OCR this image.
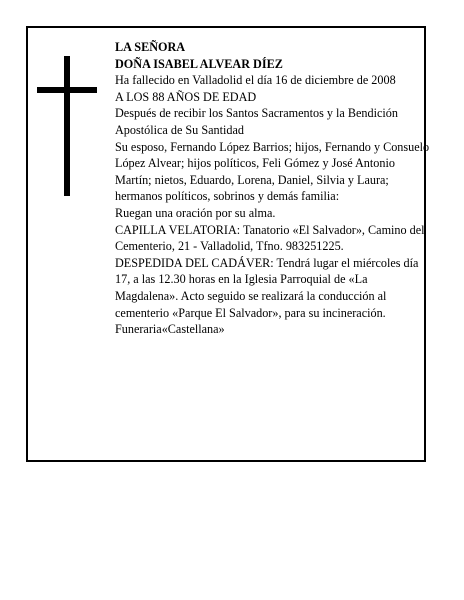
LA SEÑORA

DOÑA ISABEL ALVEAR DÍEZ

Ha fallecido en Valladolid el día 16 de diciembre de 2008

A LOS 88 AÑOS DE EDAD

Después de recibir los Santos Sacramentos y la Bendición Apostólica de Su Santidad

Su esposo, Fernando López Barrios; hijos, Fernando y Consuelo López Alvear; hijos políticos, Feli Gómez y José Antonio Martín; nietos, Eduardo, Lorena, Daniel, Silvia y Laura; hermanos políticos, sobrinos y demás familia:

Ruegan una oración por su alma.

CAPILLA VELATORIA: Tanatorio «El Salvador», Camino del Cementerio, 21 - Valladolid, Tfno. 983251225.

DESPEDIDA DEL CADÁVER: Tendrá lugar el miércoles día 17, a las 12.30 horas en la Iglesia Parroquial de «La Magdalena». Acto seguido se realizará la conducción al cementerio «Parque El Salvador», para su incineración.

Funeraria«Castellana»
